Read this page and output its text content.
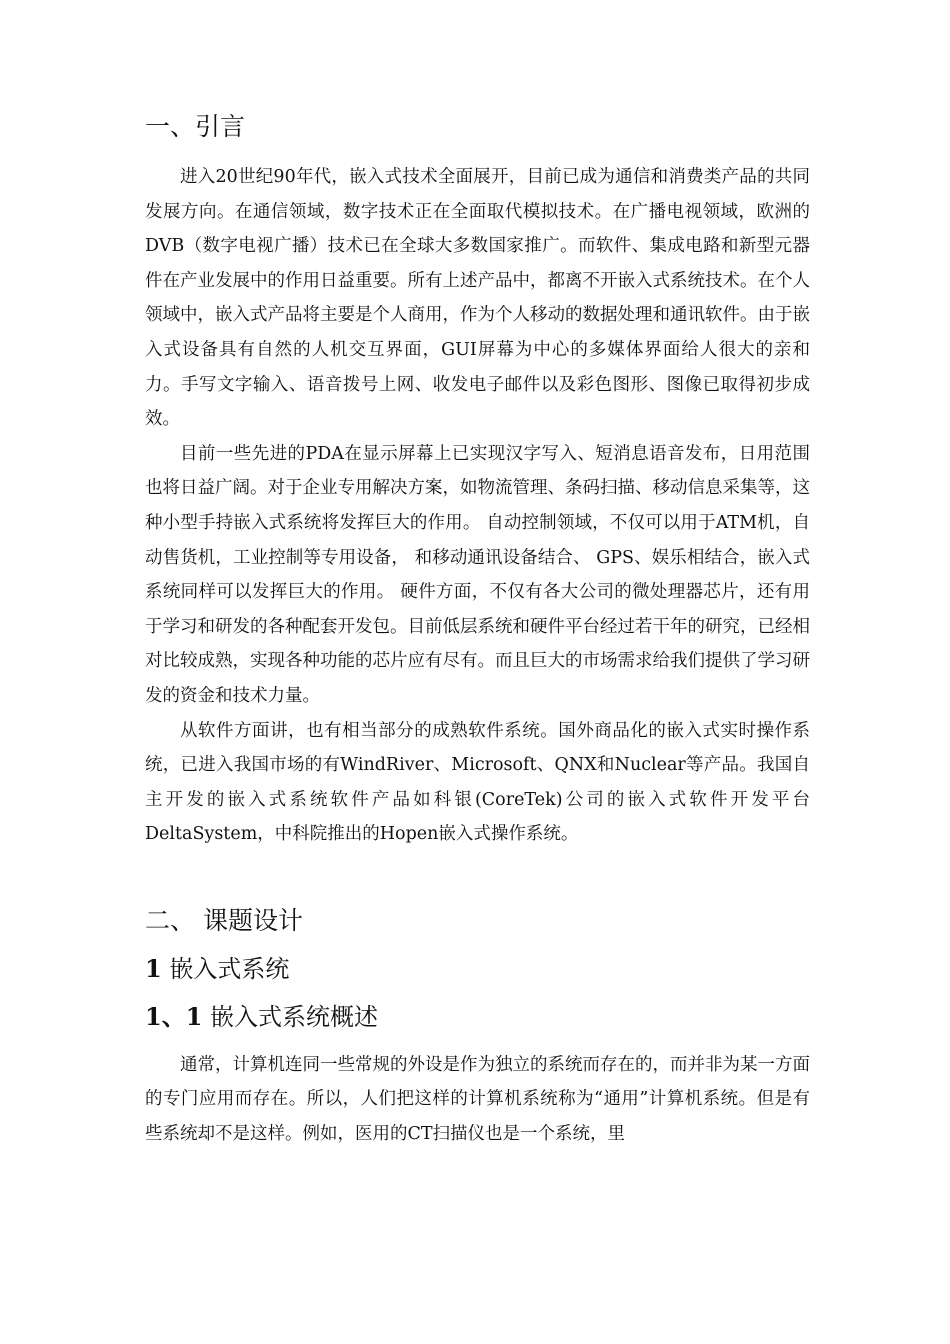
一、引言

进入20世纪90年代，嵌入式技术全面展开，目前已成为通信和消费类产品的共同发展方向。在通信领域，数字技术正在全面取代模拟技术。在广播电视领域，欧洲的 DVB（数字电视广播）技术已在全球大多数国家推广。而软件、集成电路和新型元器件在产业发展中的作用日益重要。所有上述产品中，都离不开嵌入式系统技术。在个人领域中，嵌入式产品将主要是个人商用，作为个人移动的数据处理和通讯软件。由于嵌入式设备具有自然的人机交互界面，GUI屏幕为中心的多媒体界面给人很大的亲和力。手写文字输入、语音拨号上网、收发电子邮件以及彩色图形、图像已取得初步成效。

目前一些先进的PDA在显示屏幕上已实现汉字写入、短消息语音发布，日用范围也将日益广阔。对于企业专用解决方案，如物流管理、条码扫描、移动信息采集等，这种小型手持嵌入式系统将发挥巨大的作用。 自动控制领域，不仅可以用于ATM机，自动售货机，工业控制等专用设备， 和移动通讯设备结合、 GPS、娱乐相结合，嵌入式系统同样可以发挥巨大的作用。 硬件方面，不仅有各大公司的微处理器芯片，还有用于学习和研发的各种配套开发包。目前低层系统和硬件平台经过若干年的研究，已经相对比较成熟，实现各种功能的芯片应有尽有。而且巨大的市场需求给我们提供了学习研发的资金和技术力量。

从软件方面讲，也有相当部分的成熟软件系统。国外商品化的嵌入式实时操作系统，已进入我国市场的有WindRiver、Microsoft、QNX和Nuclear等产品。我国自主开发的嵌入式系统软件产品如科银(CoreTek)公司的嵌入式软件开发平台 DeltaSystem，中科院推出的Hopen嵌入式操作系统。

二、 课题设计
1 嵌入式系统
1、1 嵌入式系统概述

通常，计算机连同一些常规的外设是作为独立的系统而存在的，而并非为某一方面的专门应用而存在。所以，人们把这样的计算机系统称为“通用”计算机系统。但是有些系统却不是这样。例如，医用的CT扫描仪也是一个系统，里
